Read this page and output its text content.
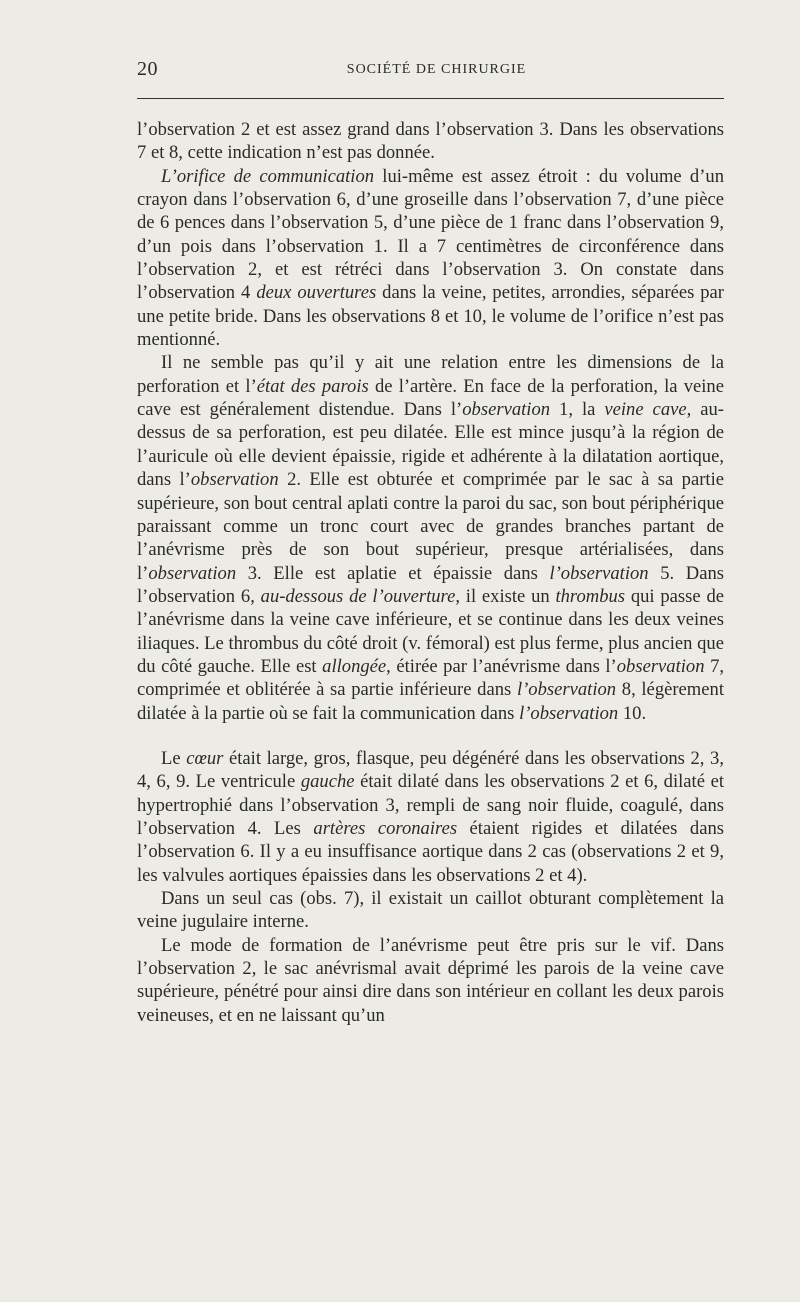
20	SOCIÉTÉ DE CHIRURGIE

l’observation 2 et est assez grand dans l’observation 3. Dans les observations 7 et 8, cette indication n’est pas donnée.

L’orifice de communication lui-même est assez étroit : du volume d’un crayon dans l’observation 6, d’une groseille dans l’observation 7, d’une pièce de 6 pences dans l’observation 5, d’une pièce de 1 franc dans l’observation 9, d’un pois dans l’observation 1. Il a 7 centimètres de circonférence dans l’observation 2, et est rétréci dans l’observation 3. On constate dans l’observation 4 deux ouvertures dans la veine, petites, arrondies, séparées par une petite bride. Dans les observations 8 et 10, le volume de l’orifice n’est pas mentionné.

Il ne semble pas qu’il y ait une relation entre les dimensions de la perforation et l’état des parois de l’artère. En face de la perforation, la veine cave est généralement distendue. Dans l’observation 1, la veine cave, au-dessus de sa perforation, est peu dilatée. Elle est mince jusqu’à la région de l’auricule où elle devient épaissie, rigide et adhérente à la dilatation aortique, dans l’observation 2. Elle est obturée et comprimée par le sac à sa partie supérieure, son bout central aplati contre la paroi du sac, son bout périphérique paraissant comme un tronc court avec de grandes branches partant de l’anévrisme près de son bout supérieur, presque artérialisées, dans l’observation 3. Elle est aplatie et épaissie dans l’observation 5. Dans l’observation 6, au-dessous de l’ouverture, il existe un thrombus qui passe de l’anévrisme dans la veine cave inférieure, et se continue dans les deux veines iliaques. Le thrombus du côté droit (v. fémoral) est plus ferme, plus ancien que du côté gauche. Elle est allongée, étirée par l’anévrisme dans l’observation 7, comprimée et oblitérée à sa partie inférieure dans l’observation 8, légèrement dilatée à la partie où se fait la communication dans l’observation 10.

Le cœur était large, gros, flasque, peu dégénéré dans les observations 2, 3, 4, 6, 9. Le ventricule gauche était dilaté dans les observations 2 et 6, dilaté et hypertrophié dans l’observation 3, rempli de sang noir fluide, coagulé, dans l’observation 4. Les artères coronaires étaient rigides et dilatées dans l’observation 6. Il y a eu insuffisance aortique dans 2 cas (observations 2 et 9, les valvules aortiques épaissies dans les observations 2 et 4).

Dans un seul cas (obs. 7), il existait un caillot obturant complètement la veine jugulaire interne.

Le mode de formation de l’anévrisme peut être pris sur le vif. Dans l’observation 2, le sac anévrismal avait déprimé les parois de la veine cave supérieure, pénétré pour ainsi dire dans son intérieur en collant les deux parois veineuses, et en ne laissant qu’un
